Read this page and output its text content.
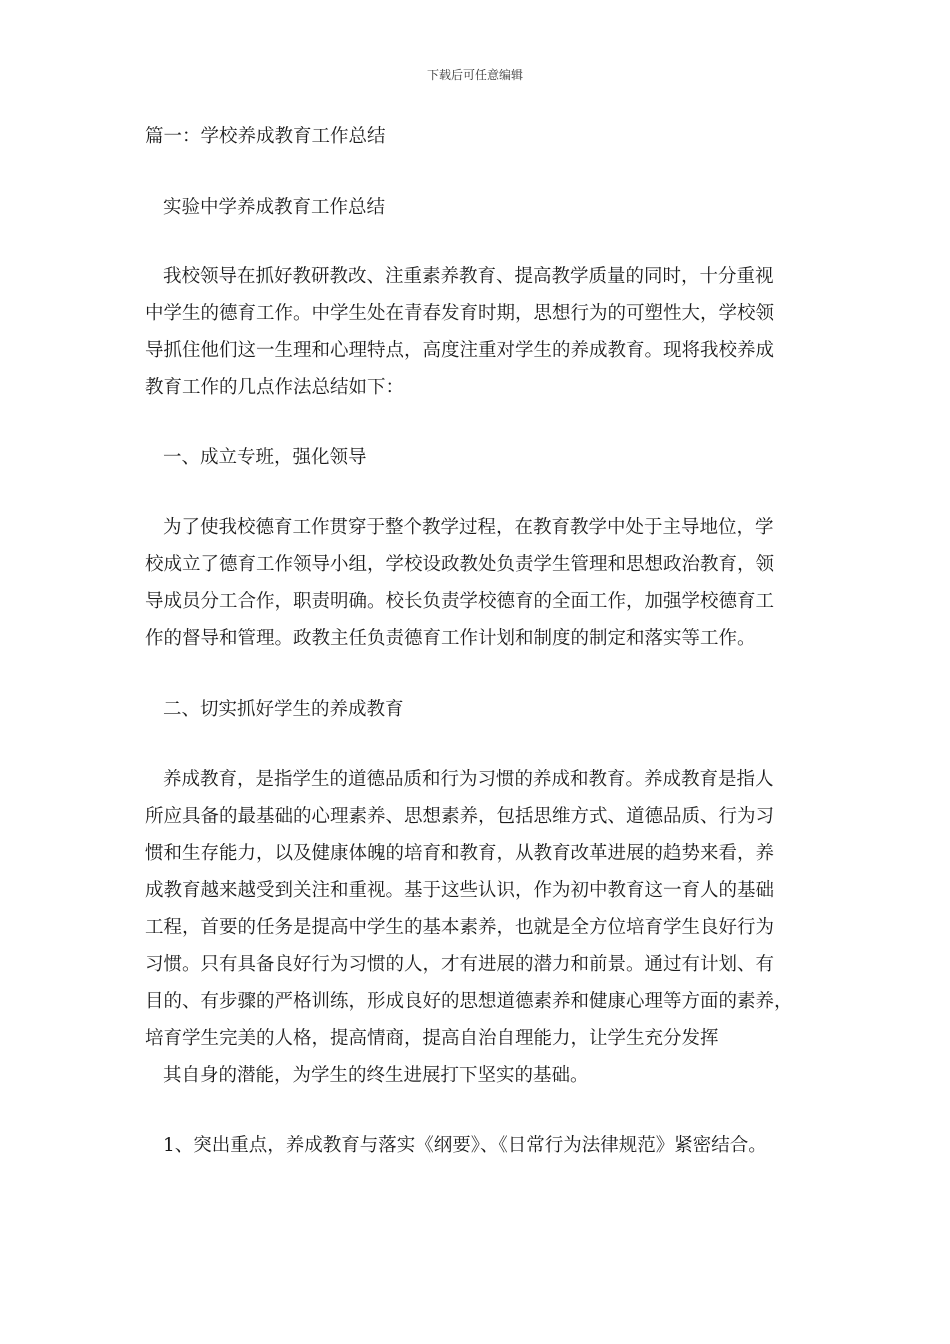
下载后可任意编辑
篇一：学校养成教育工作总结
实验中学养成教育工作总结
我校领导在抓好教研教改、注重素养教育、提高教学质量的同时，十分重视
中学生的德育工作。中学生处在青春发育时期，思想行为的可塑性大，学校领
导抓住他们这一生理和心理特点，高度注重对学生的养成教育。现将我校养成
教育工作的几点作法总结如下：
一、成立专班，强化领导
为了使我校德育工作贯穿于整个教学过程，在教育教学中处于主导地位，学
校成立了德育工作领导小组，学校设政教处负责学生管理和思想政治教育，领
导成员分工合作，职责明确。校长负责学校德育的全面工作，加强学校德育工
作的督导和管理。政教主任负责德育工作计划和制度的制定和落实等工作。
二、切实抓好学生的养成教育
养成教育，是指学生的道德品质和行为习惯的养成和教育。养成教育是指人
所应具备的最基础的心理素养、思想素养，包括思维方式、道德品质、行为习
惯和生存能力，以及健康体魄的培育和教育，从教育改革进展的趋势来看，养
成教育越来越受到关注和重视。基于这些认识，作为初中教育这一育人的基础
工程，首要的任务是提高中学生的基本素养，也就是全方位培育学生良好行为
习惯。只有具备良好行为习惯的人，才有进展的潜力和前景。通过有计划、有
目的、有步骤的严格训练，形成良好的思想道德素养和健康心理等方面的素养，
培育学生完美的人格，提高情商，提高自治自理能力，让学生充分发挥
其自身的潜能，为学生的终生进展打下坚实的基础。
1、突出重点，养成教育与落实《纲要》、《日常行为法律规范》紧密结合。
